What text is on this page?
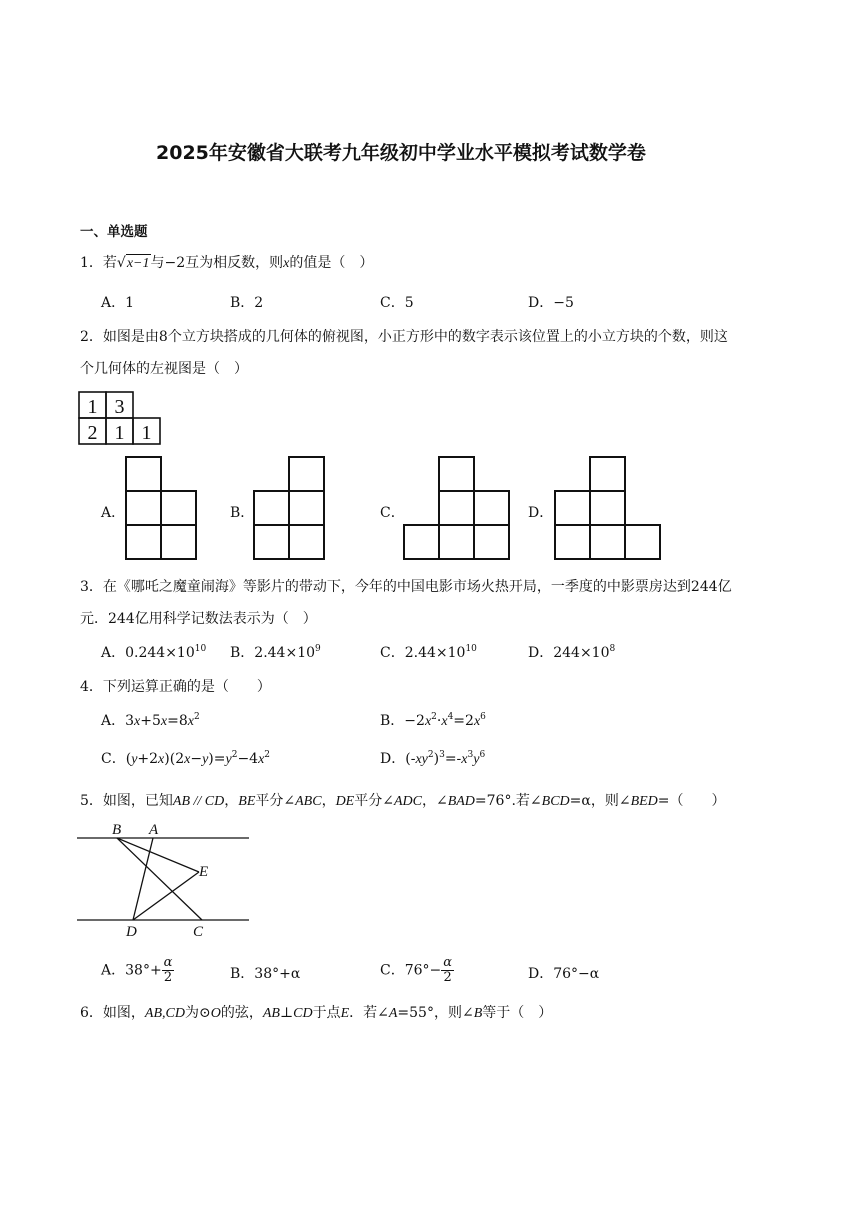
2025年安徽省大联考九年级初中学业水平模拟考试数学卷
一、单选题
1．若√x−1与−2互为相反数，则x的值是（　）
A．1	B．2	C．5	D．−5
2．如图是由8个立方块搭成的几何体的俯视图，小正方形中的数字表示该位置上的小立方块的个数，则这
个几何体的左视图是（　）
1 3
2 1 1
A．	B．	C．	D．
3．在《哪吒之魔童闹海》等影片的带动下，今年的中国电影市场火热开局，一季度的中影票房达到244亿
元．244亿用科学记数法表示为（　）
A．$0.244\times 10^{10}$ B．$2.44\times 10^9$	C．$2.44\times 10^{10}$	D．$244\times 10^8$
4．下列运算正确的是（　　）
A．$3x+5x=8x^2$	B．$-2x^2\cdot x^4=2x^6$
C．$(y+2x)(2x-y)=y^2-4x^2$	D．$(-xy^2)^3=-x^3y^6$
5．如图，已知AB // CD，BE平分∠ABC，DE平分∠ADC，∠BAD=76°.若∠BCD=α，则∠BED=（　　）
B A
E
D	C
A．$38^\circ+ \frac{\alpha}{2}$	B．38°+α	C．$76^\circ- \frac{\alpha}{2}$	D．76°−α
6．如图，AB,CD为⊙O的弦，AB⊥CD于点E．若∠A=55°，则∠B等于（　）
